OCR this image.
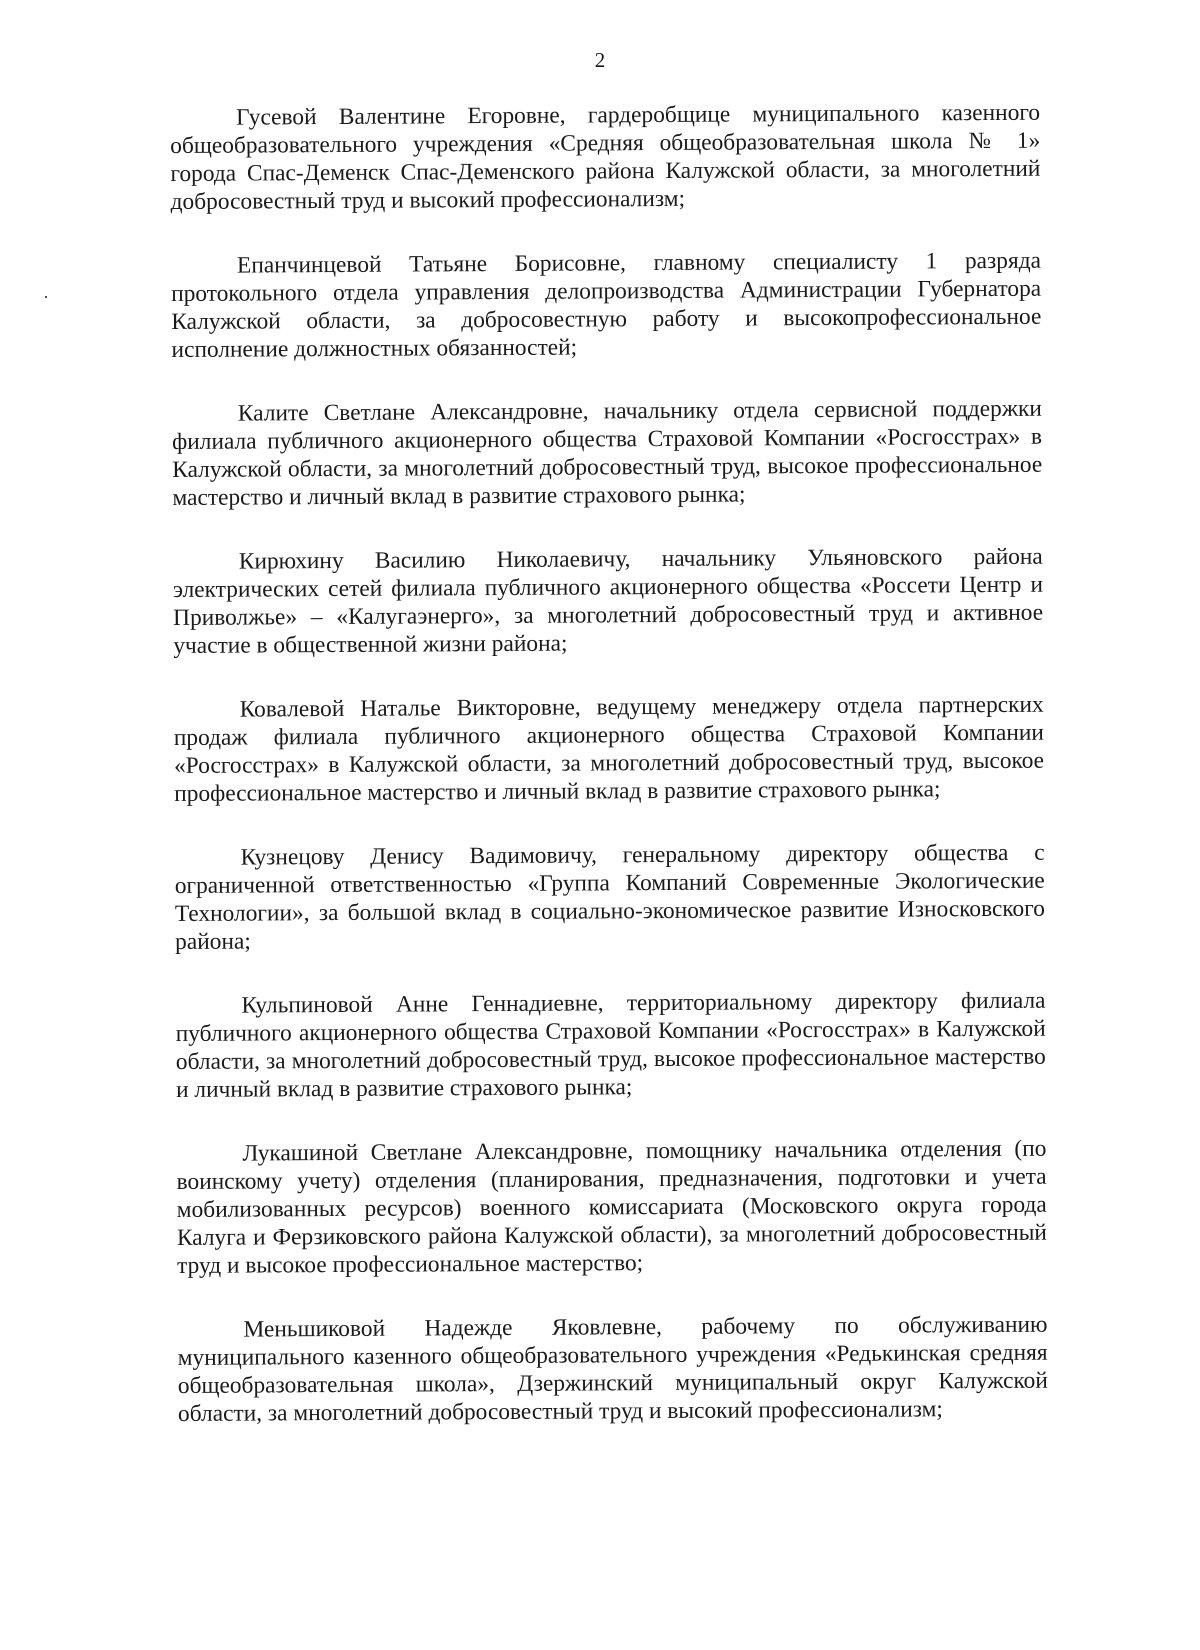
2

Гусевой Валентине Егоровне, гардеробщице муниципального казенного общеобразовательного учреждения «Средняя общеобразовательная школа № 1» города Спас-Деменск Спас-Деменского района Калужской области, за многолетний добросовестный труд и высокий профессионализм;

Епанчинцевой Татьяне Борисовне, главному специалисту 1 разряда протокольного отдела управления делопроизводства Администрации Губернатора Калужской области, за добросовестную работу и высокопрофессиональное исполнение должностных обязанностей;

Калите Светлане Александровне, начальнику отдела сервисной поддержки филиала публичного акционерного общества Страховой Компании «Росгосстрах» в Калужской области, за многолетний добросовестный труд, высокое профессиональное мастерство и личный вклад в развитие страхового рынка;

Кирюхину Василию Николаевичу, начальнику Ульяновского района электрических сетей филиала публичного акционерного общества «Россети Центр и Приволжье» – «Калугаэнерго», за многолетний добросовестный труд и активное участие в общественной жизни района;

Ковалевой Наталье Викторовне, ведущему менеджеру отдела партнерских продаж филиала публичного акционерного общества Страховой Компании «Росгосстрах» в Калужской области, за многолетний добросовестный труд, высокое профессиональное мастерство и личный вклад в развитие страхового рынка;

Кузнецову Денису Вадимовичу, генеральному директору общества с ограниченной ответственностью «Группа Компаний Современные Экологические Технологии», за большой вклад в социально-экономическое развитие Износковского района;

Кульпиновой Анне Геннадиевне, территориальному директору филиала публичного акционерного общества Страховой Компании «Росгосстрах» в Калужской области, за многолетний добросовестный труд, высокое профессиональное мастерство и личный вклад в развитие страхового рынка;

Лукашиной Светлане Александровне, помощнику начальника отделения (по воинскому учету) отделения (планирования, предназначения, подготовки и учета мобилизованных ресурсов) военного комиссариата (Московского округа города Калуга и Ферзиковского района Калужской области), за многолетний добросовестный труд и высокое профессиональное мастерство;

Меньшиковой Надежде Яковлевне, рабочему по обслуживанию муниципального казенного общеобразовательного учреждения «Редькинская средняя общеобразовательная школа», Дзержинский муниципальный округ Калужской области, за многолетний добросовестный труд и высокий профессионализм;
